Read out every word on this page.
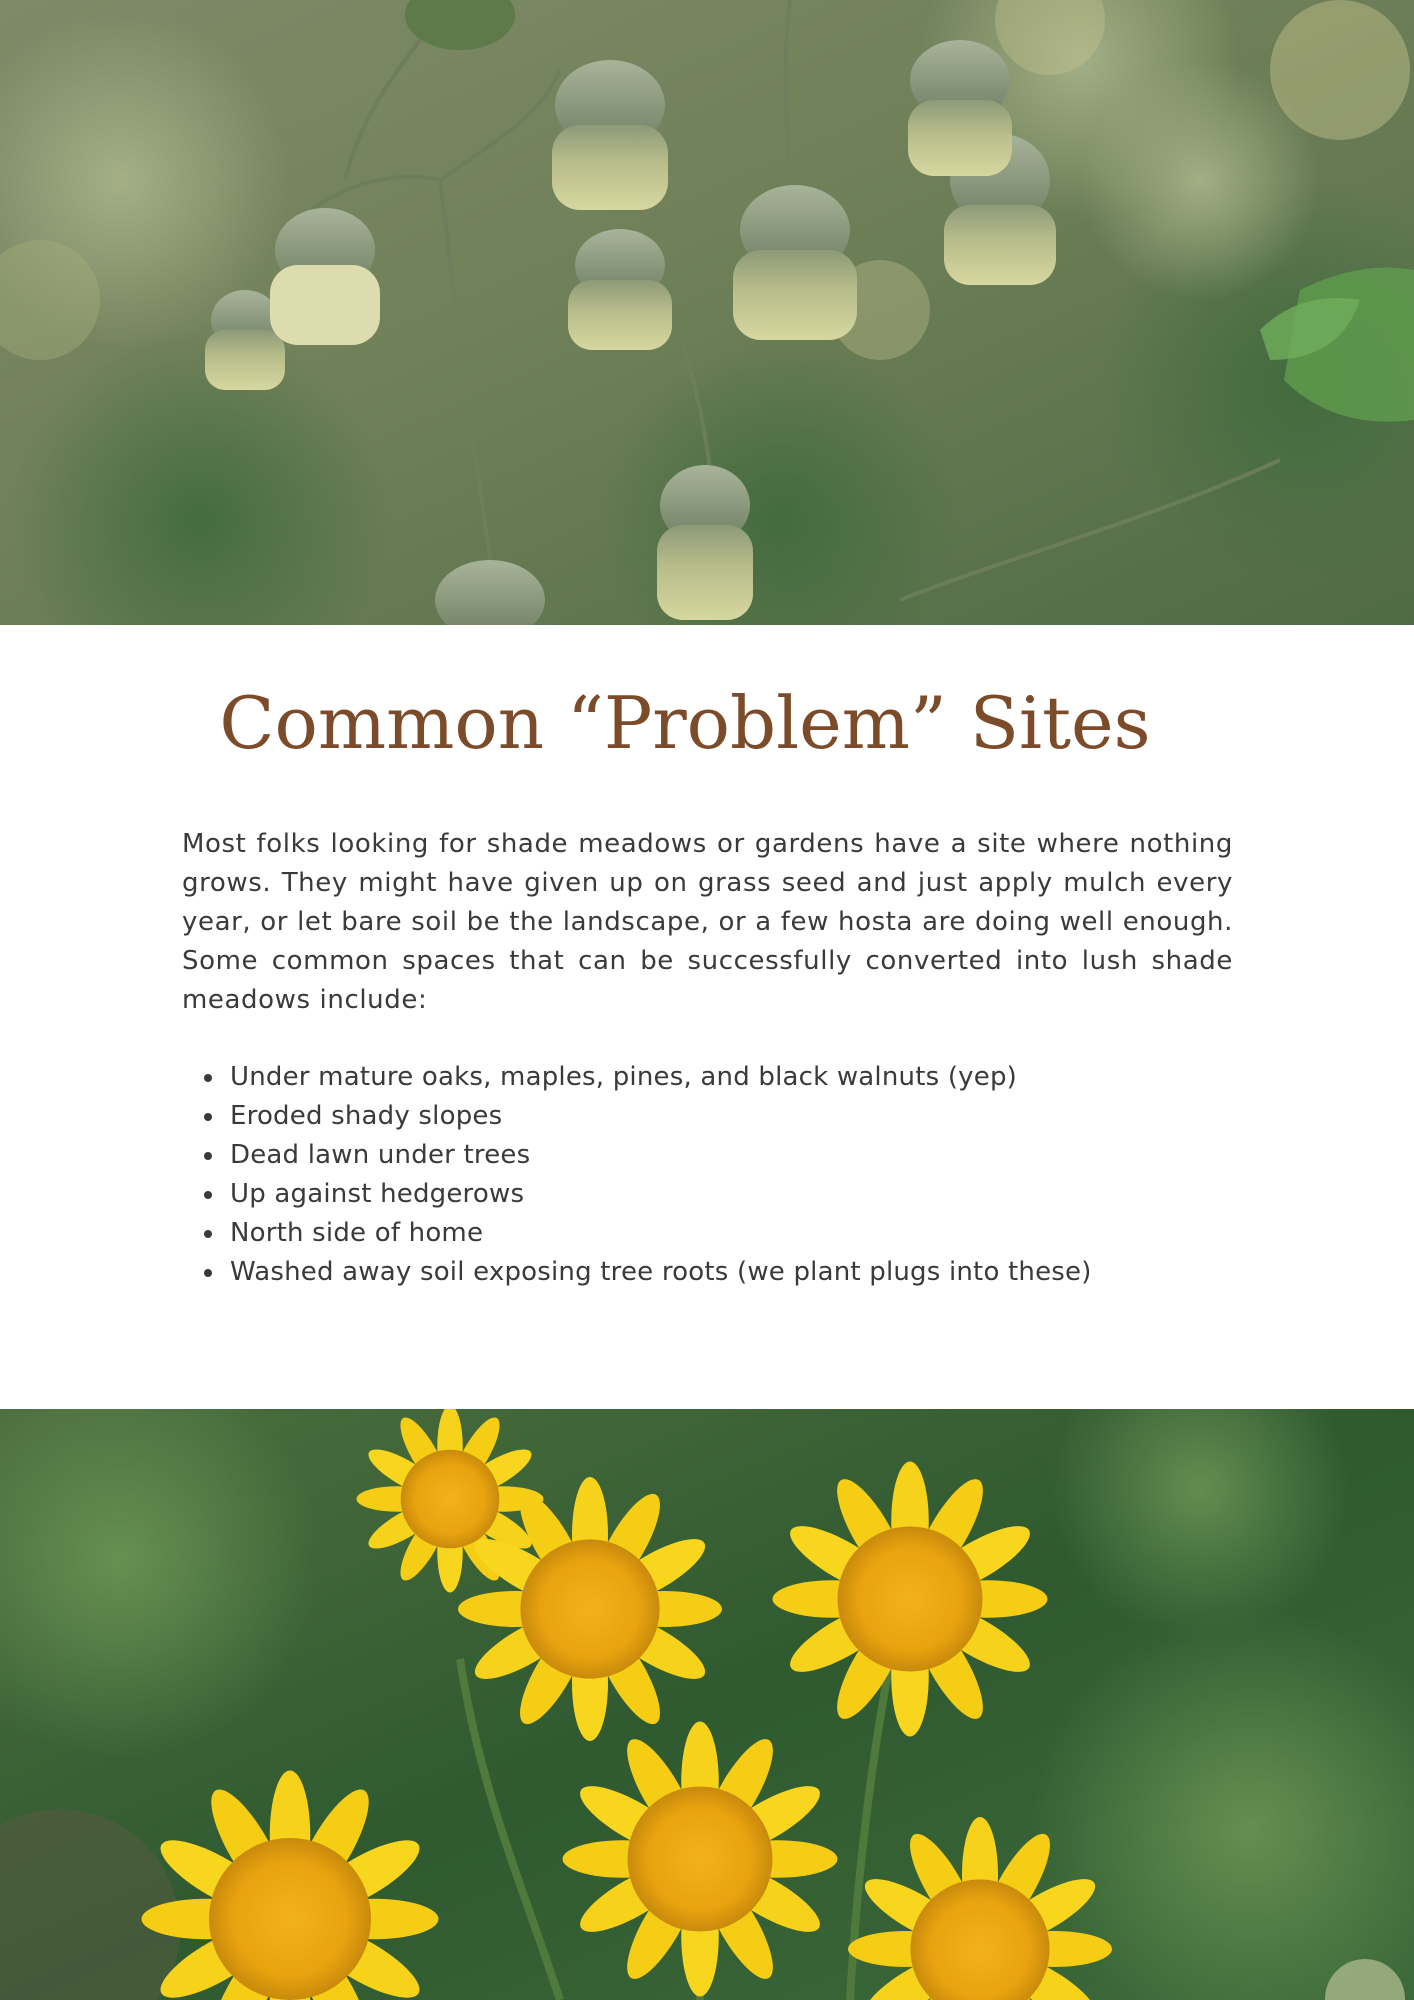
Common “Problem” Sites

Most folks looking for shade meadows or gardens have a site where nothing grows. They might have given up on grass seed and just apply mulch every year, or let bare soil be the landscape, or a few hosta are doing well enough. Some common spaces that can be successfully converted into lush shade meadows include:

Under mature oaks, maples, pines, and black walnuts (yep)
Eroded shady slopes
Dead lawn under trees
Up against hedgerows
North side of home
Washed away soil exposing tree roots (we plant plugs into these)
